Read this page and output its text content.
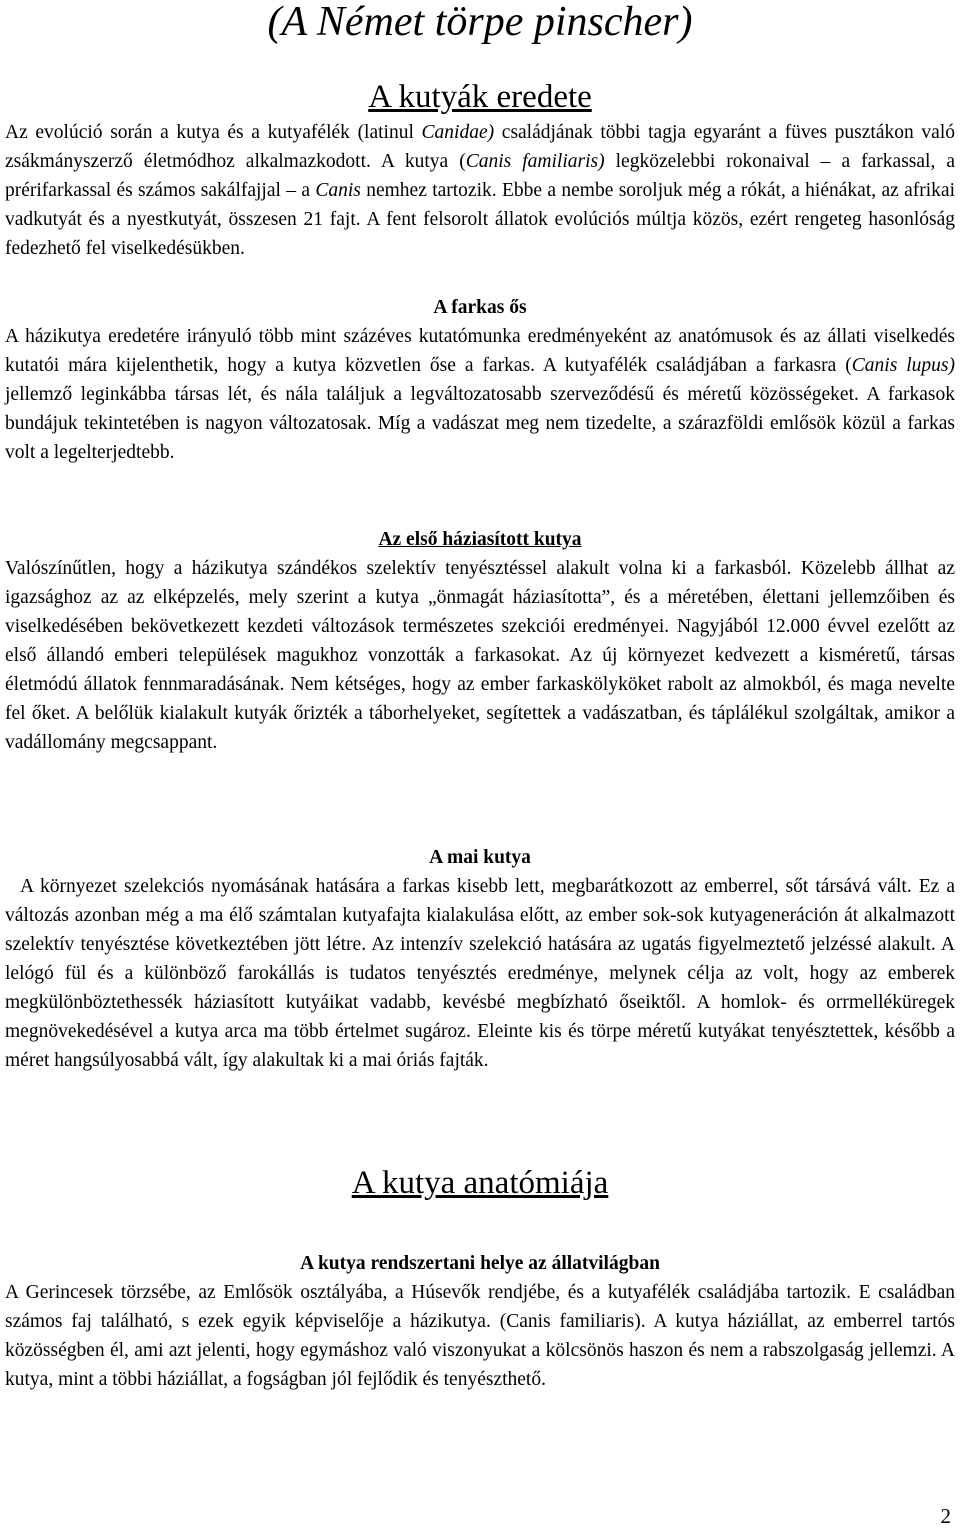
(A Német törpe pinscher)
A kutyák eredete

Az evolúció során a kutya és a kutyafélék (latinul Canidae) családjának többi tagja egyaránt a füves pusztákon való zsákmányszerző életmódhoz alkalmazkodott. A kutya (Canis familiaris) legközelebbi rokonaival – a farkassal, a prérifarkassal és számos sakálfajjal – a Canis nemhez tartozik. Ebbe a nembe soroljuk még a rókát, a hiénákat, az afrikai vadkutyát és a nyestkutyát, összesen 21 fajt. A fent felsorolt állatok evolúciós múltja közös, ezért rengeteg hasonlóság fedezhető fel viselkedésükben.

A farkas ős

A házikutya eredetére irányuló több mint százéves kutatómunka eredményeként az anatómusok és az állati viselkedés kutatói mára kijelenthetik, hogy a kutya közvetlen őse a farkas. A kutyafélék családjában a farkasra (Canis lupus) jellemző leginkábba társas lét, és nála találjuk a legváltozatosabb szerveződésű és méretű közösségeket. A farkasok bundájuk tekintetében is nagyon változatosak. Míg a vadászat meg nem tizedelte, a szárazföldi emlősök közül a farkas volt a legelterjedtebb.

Az első háziasított kutya

Valószínűtlen, hogy a házikutya szándékos szelektív tenyésztéssel alakult volna ki a farkasból. Közelebb állhat az igazsághoz az az elképzelés, mely szerint a kutya „önmagát háziasította”, és a méretében, élettani jellemzőiben és viselkedésében bekövetkezett kezdeti változások természetes szekciói eredményei. Nagyjából 12.000 évvel ezelőtt az első állandó emberi települések magukhoz vonzották a farkasokat. Az új környezet kedvezett a kisméretű, társas életmódú állatok fennmaradásának. Nem kétséges, hogy az ember farkaskölyköket rabolt az almokból, és maga nevelte fel őket. A belőlük kialakult kutyák őrizték a táborhelyeket, segítettek a vadászatban, és táplálékul szolgáltak, amikor a vadállomány megcsappant.

A mai kutya

A környezet szelekciós nyomásának hatására a farkas kisebb lett, megbarátkozott az emberrel, sőt társává vált. Ez a változás azonban még a ma élő számtalan kutyafajta kialakulása előtt, az ember sok-sok kutyageneráción át alkalmazott szelektív tenyésztése következtében jött létre. Az intenzív szelekció hatására az ugatás figyelmeztető jelzéssé alakult. A lelógó fül és a különböző farokállás is tudatos tenyésztés eredménye, melynek célja az volt, hogy az emberek megkülönböztethessék háziasított kutyáikat vadabb, kevésbé megbízható őseiktől. A homlok- és orrmelléküregek megnövekedésével a kutya arca ma több értelmet sugároz. Eleinte kis és törpe méretű kutyákat tenyésztettek, később a méret hangsúlyosabbá vált, így alakultak ki a mai óriás fajták.

A kutya anatómiája
A kutya rendszertani helye az állatvilágban

A Gerincesek törzsébe, az Emlősök osztályába, a Húsevők rendjébe, és a kutyafélék családjába tartozik. E családban számos faj található, s ezek egyik képviselője a házikutya. (Canis familiaris). A kutya háziállat, az emberrel tartós közösségben él, ami azt jelenti, hogy egymáshoz való viszonyukat a kölcsönös haszon és nem a rabszolgaság jellemzi. A kutya, mint a többi háziállat, a fogságban jól fejlődik és tenyészthető.

2
